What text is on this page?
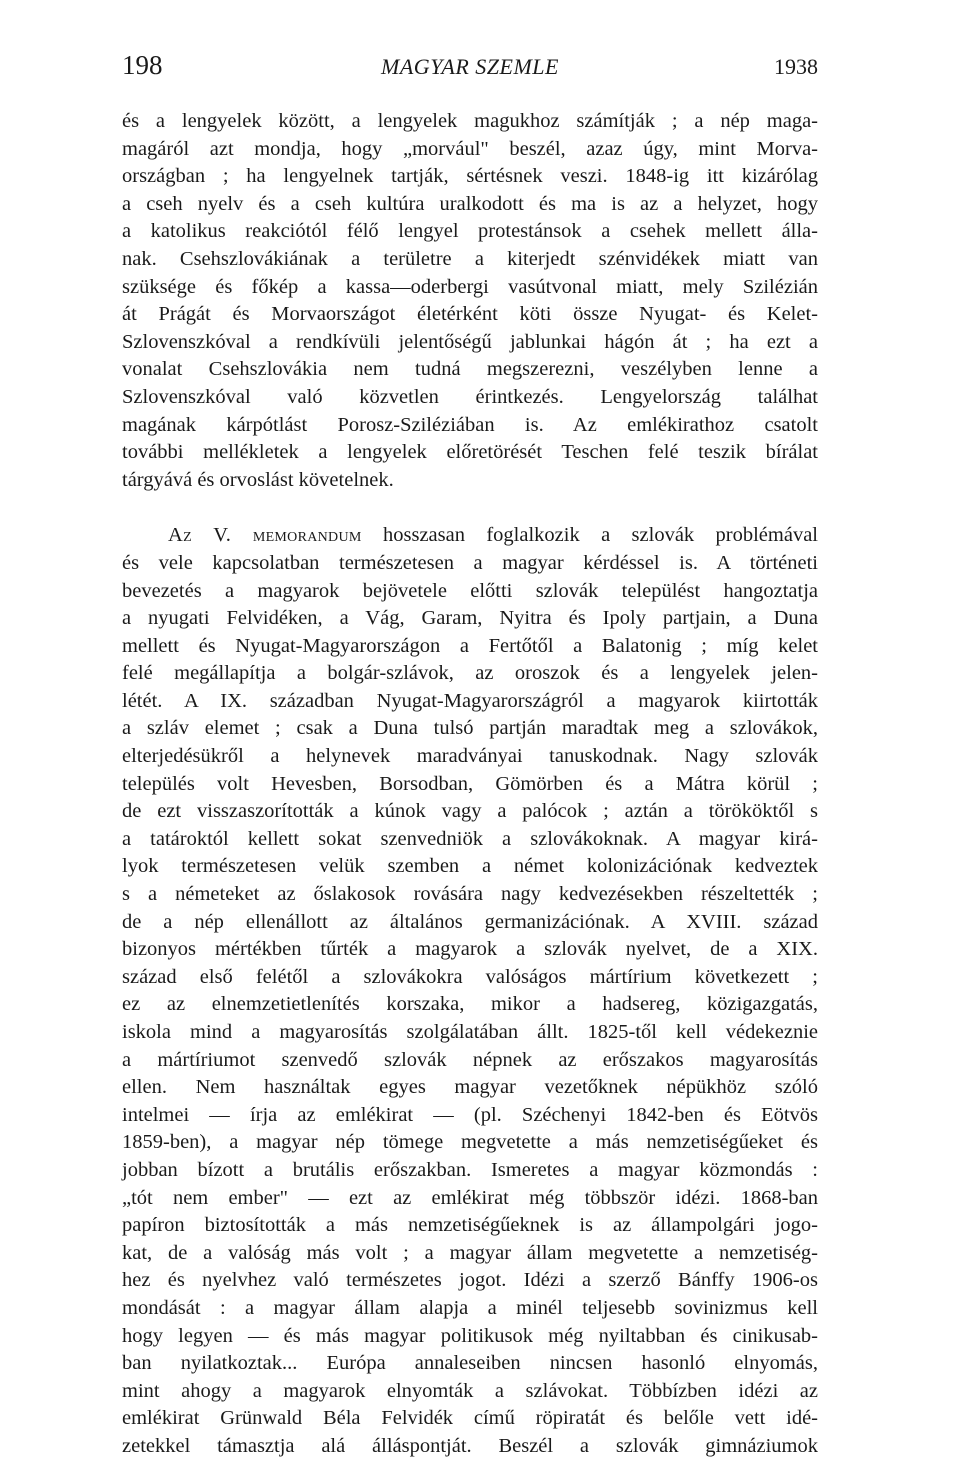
198	MAGYAR SZEMLE	1938
és a lengyelek között, a lengyelek magukhoz számítják ; a nép maga-
magáról azt mondja, hogy „morvául" beszél, azaz úgy, mint Morva-
országban ; ha lengyelnek tartják, sértésnek veszi. 1848-ig itt kizárólag
a cseh nyelv és a cseh kultúra uralkodott és ma is az a helyzet, hogy
a katolikus reakciótól félő lengyel protestánsok a csehek mellett álla-
nak. Csehszlovákiának a területre a kiterjedt szénvidékek miatt van
szüksége és főkép a kassa—oderbergi vasútvonal miatt, mely Szilézián
át Prágát és Morvaországot életérként köti össze Nyugat- és Kelet-
Szlovenszkóval a rendkívüli jelentőségű jablunkai hágón át ; ha ezt a
vonalat Csehszlovákia nem tudná megszerezni, veszélyben lenne a
Szlovenszkóval való közvetlen érintkezés. Lengyelország találhat
magának kárpótlást Porosz-Sziléziában is. Az emlékirathoz csatolt
további mellékletek a lengyelek előretörését Teschen felé teszik bírálat
tárgyává és orvoslást követelnek.
Az V. memorandum hosszasan foglalkozik a szlovák problémával
és vele kapcsolatban természetesen a magyar kérdéssel is. A történeti
bevezetés a magyarok bejövetele előtti szlovák települést hangoztatja
a nyugati Felvidéken, a Vág, Garam, Nyitra és Ipoly partjain, a Duna
mellett és Nyugat-Magyarországon a Fertőtől a Balatonig ; míg kelet
felé megállapítja a bolgár-szlávok, az oroszok és a lengyelek jelen-
létét. A IX. században Nyugat-Magyarországról a magyarok kiirtották
a szláv elemet ; csak a Duna tulsó partján maradtak meg a szlovákok,
elterjedésükről a helynevek maradványai tanuskodnak. Nagy szlovák
település volt Hevesben, Borsodban, Gömörben és a Mátra körül ;
de ezt visszaszorították a kúnok vagy a palócok ; aztán a törököktől s
a tatároktól kellett sokat szenvedniök a szlovákoknak. A magyar kirá-
lyok természetesen velük szemben a német kolonizációnak kedveztek
s a németeket az őslakosok rovására nagy kedvezésekben részeltették ;
de a nép ellenállott az általános germanizációnak. A XVIII. század
bizonyos mértékben tűrték a magyarok a szlovák nyelvet, de a XIX.
század első felétől a szlovákokra valóságos mártírium következett ;
ez az elnemzetietlenítés korszaka, mikor a hadsereg, közigazgatás,
iskola mind a magyarosítás szolgálatában állt. 1825-től kell védekeznie
a mártíriumot szenvedő szlovák népnek az erőszakos magyarosítás
ellen. Nem használtak egyes magyar vezetőknek népükhöz szóló
intelmei — írja az emlékirat — (pl. Széchenyi 1842-ben és Eötvös
1859-ben), a magyar nép tömege megvetette a más nemzetiségűeket és
jobban bízott a brutális erőszakban. Ismeretes a magyar közmondás :
„tót nem ember" — ezt az emlékirat még többször idézi. 1868-ban
papíron biztosították a más nemzetiségűeknek is az állampolgári jogo-
kat, de a valóság más volt ; a magyar állam megvetette a nemzetiség-
hez és nyelvhez való természetes jogot. Idézi a szerző Bánffy 1906-os
mondását : a magyar állam alapja a minél teljesebb sovinizmus kell
hogy legyen — és más magyar politikusok még nyiltabban és cinikusab-
ban nyilatkoztak... Európa annaleseiben nincsen hasonló elnyomás,
mint ahogy a magyarok elnyomták a szlávokat. Többízben idézi az
emlékirat Grünwald Béla Felvidék című röpiratát és belőle vett idé-
zetekkel támasztja alá álláspontját. Beszél a szlovák gimnáziumok
